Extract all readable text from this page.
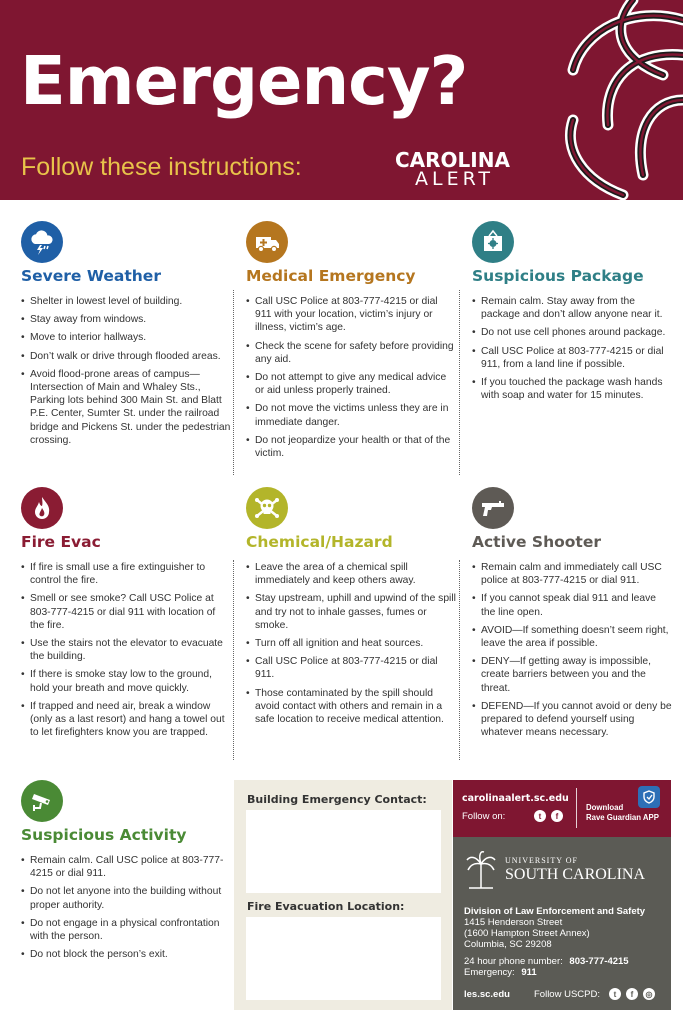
Emergency?
Follow these instructions:	CAROLINA
ALERT
Severe Weather
• Shelter in lowest level of building.
• Stay away from windows.
• Move to interior hallways.
• Don’t walk or drive through flooded areas.
• Avoid flood-prone areas of campus—Intersection of Main and Whaley Sts., Parking lots behind 300 Main St. and Blatt P.E. Center, Sumter St. under the railroad bridge and Pickens St. under the pedestrian crossing.
Medical Emergency
• Call USC Police at 803-777-4215 or dial 911 with your location, victim’s injury or illness, victim’s age.
• Check the scene for safety before providing any aid.
• Do not attempt to give any medical advice or aid unless properly trained.
• Do not move the victims unless they are in immediate danger.
• Do not jeopardize your health or that of the victim.
Suspicious Package
• Remain calm. Stay away from the package and don’t allow anyone near it.
• Do not use cell phones around package.
• Call USC Police at 803-777-4215 or dial 911, from a land line if possible.
• If you touched the package wash hands with soap and water for 15 minutes.
Fire Evac
• If fire is small use a fire extinguisher to control the fire.
• Smell or see smoke? Call USC Police at 803-777-4215 or dial 911 with location of the fire.
• Use the stairs not the elevator to evacuate the building.
• If there is smoke stay low to the ground, hold your breath and move quickly.
• If trapped and need air, break a window (only as a last resort) and hang a towel out to let firefighters know you are trapped.
Chemical/Hazard
• Leave the area of a chemical spill immediately and keep others away.
• Stay upstream, uphill and upwind of the spill and try not to inhale gasses, fumes or smoke.
• Turn off all ignition and heat sources.
• Call USC Police at 803-777-4215 or dial 911.
• Those contaminated by the spill should avoid contact with others and remain in a safe location to receive medical attention.
Active Shooter
• Remain calm and immediately call USC police at 803-777-4215 or dial 911.
• If you cannot speak dial 911 and leave the line open.
• AVOID—If something doesn’t seem right, leave the area if possible.
• DENY—If getting away is impossible, create barriers between you and the threat.
• DEFEND—If you cannot avoid or deny be prepared to defend yourself using whatever means necessary.
Suspicious Activity
• Remain calm. Call USC police at 803-777-4215 or dial 911.
• Do not let anyone into the building without proper authority.
• Do not engage in a physical confrontation with the person.
• Do not block the person’s exit.
Building Emergency Contact:
Fire Evacuation Location:
carolinaalert.sc.edu
Follow on:	t	f
Download
Rave Guardian APP
UNIVERSITY OF
SOUTH CAROLINA
Division of Law Enforcement and Safety
1415 Henderson Street
(1600 Hampton Street Annex)
Columbia, SC 29208
24 hour phone number: 803-777-4215
Emergency: 911
les.sc.edu	Follow USCPD:	t	f	◎
